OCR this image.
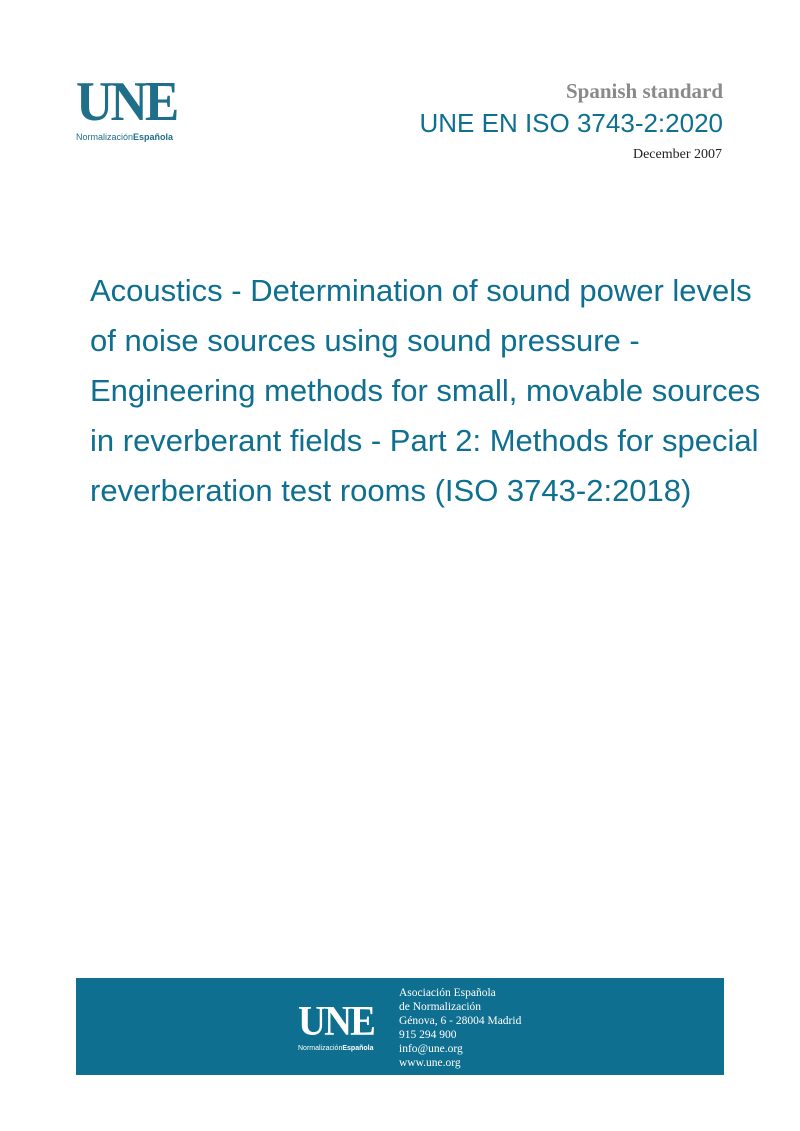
UNE
NormalizaciónEspañola
Spanish standard
UNE EN ISO 3743-2:2020
December 2007
Acoustics - Determination of sound power levels of noise sources using sound pressure - Engineering methods for small, movable sources in reverberant fields - Part 2: Methods for special reverberation test rooms (ISO 3743-2:2018)
UNE
NormalizaciónEspañola
Asociación Española
de Normalización
Génova, 6 - 28004 Madrid
915 294 900
info@une.org
www.une.org
